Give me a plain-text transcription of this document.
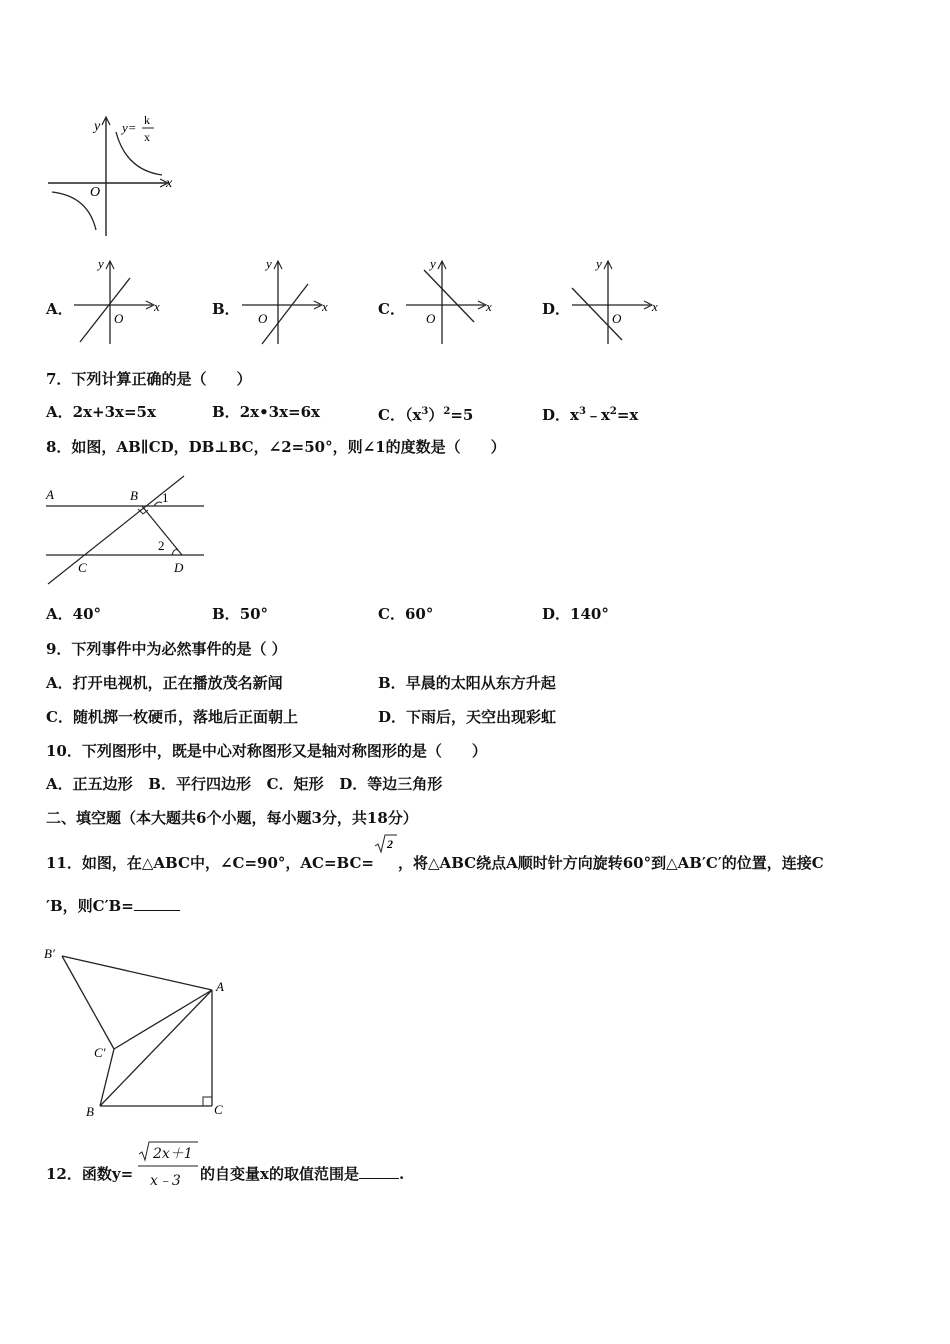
y
x
O
y= k
x
A．
y
x
O
B．
y
x
O
C．
y
x
O
D．
y
x
O
7．下列计算正确的是（　　）
A．2x+3x=5x	B．2x•3x=6x	C．$(x^3)^2=5$	D．$x^3﹣x^2=x$
8．如图，AB∥CD，DB⊥BC，∠2=50°，则∠1的度数是（　　）
A	B 1
2
C	D
A．40°	B．50°	C．60°	D．140°
9．下列事件中为必然事件的是（ ）
A．打开电视机，正在播放茂名新闻	B．早晨的太阳从东方升起
C．随机掷一枚硬币，落地后正面朝上	D．下雨后，天空出现彩虹
10．下列图形中，既是中心对称图形又是轴对称图形的是（　　）
A．正五边形   B．平行四边形   C．矩形   D．等边三角形
二、填空题（本大题共6个小题，每小题3分，共18分）
11．如图，在△ABC中，∠C=90°，AC=BC=
2
，将△ABC绕点A顺时针方向旋转60°到△AB′C′的位置，连接C
′B，则C′B=
B′
A
C′
B	C
12．函数y=
2x＋1
x﹣3 的自变量x的取值范围是	.
